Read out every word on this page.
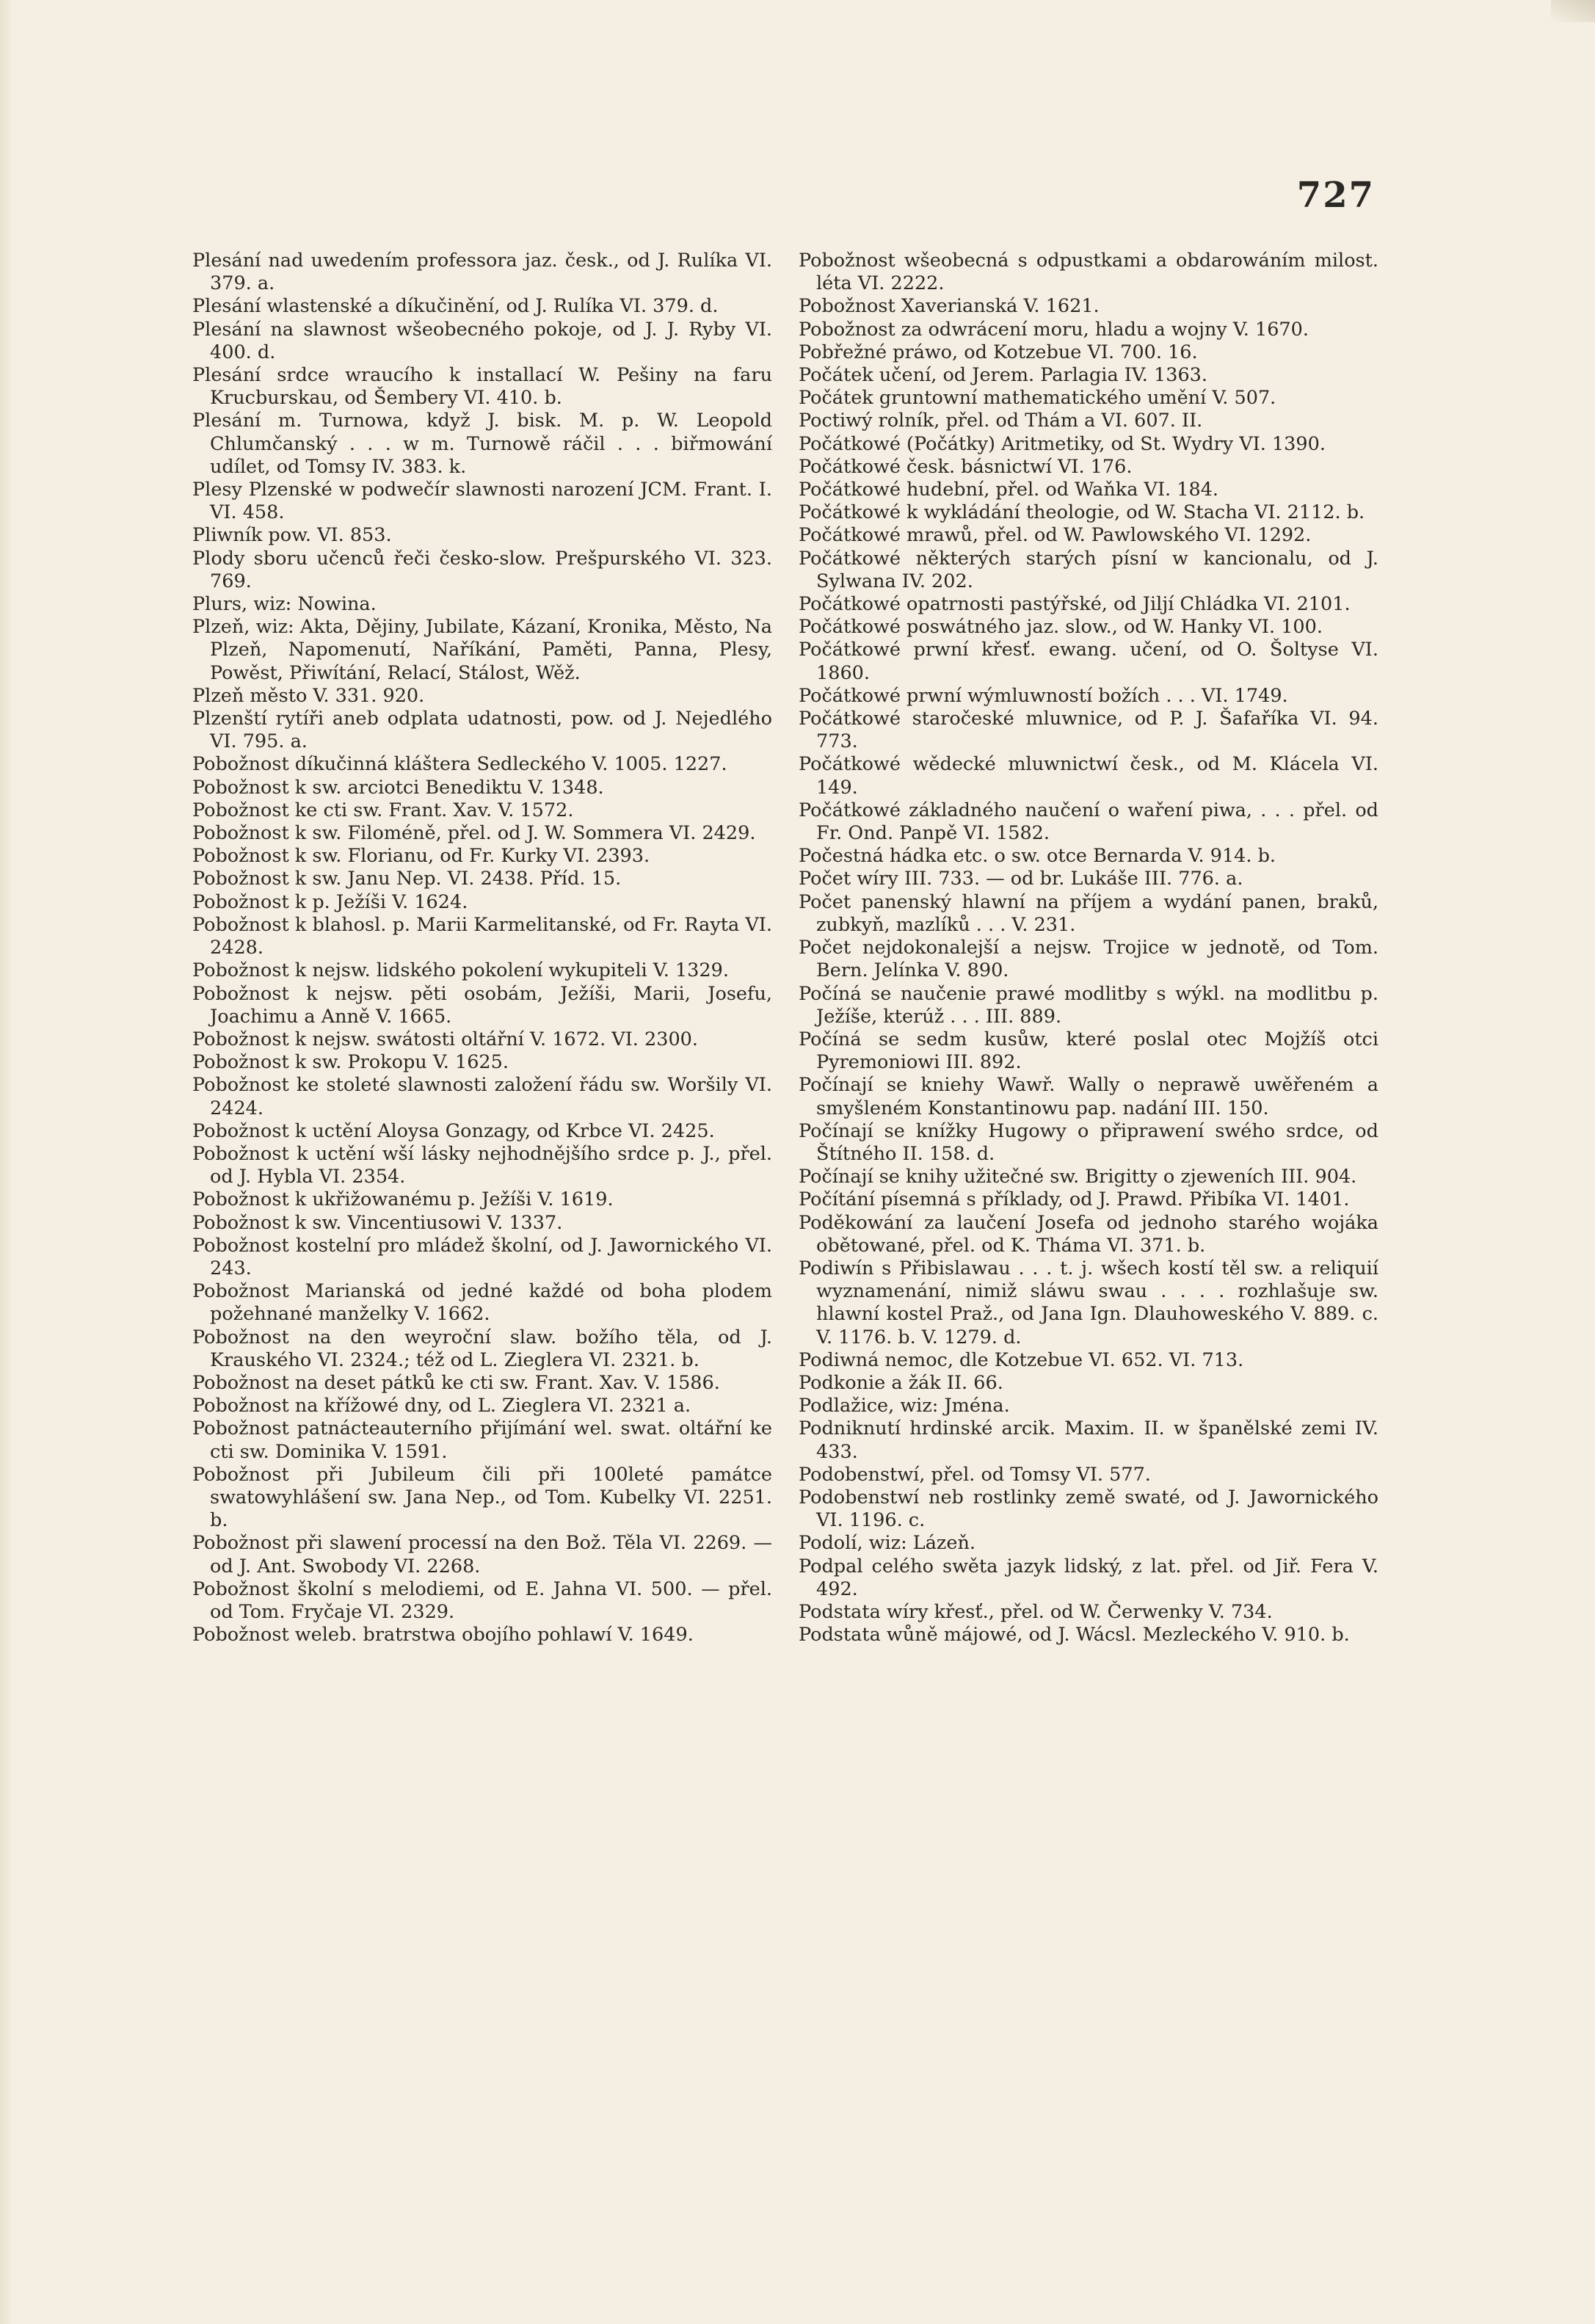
727
Plesání nad uwedením professora jaz. česk., od J. Rulíka VI. 379. a.
Plesání wlastenské a díkučinění, od J. Rulíka VI. 379. d.
Plesání na slawnost wšeobecného pokoje, od J. J. Ryby VI. 400. d.
Plesání srdce wraucího k installací W. Pešiny na faru Krucburskau, od Šembery VI. 410. b.
Plesání m. Turnowa, když J. bisk. M. p. W. Leopold Chlumčanský . . . w m. Turnowě ráčil . . . biřmowání udílet, od Tomsy IV. 383. k.
Plesy Plzenské w podwečír slawnosti narození JCM. Frant. I. VI. 458.
Pliwník pow. VI. 853.
Plody sboru učenců řeči česko-slow. Prešpurského VI. 323. 769.
Plurs, wiz: Nowina.
Plzeň, wiz: Akta, Dějiny, Jubilate, Kázaní, Kronika, Město, Na Plzeň, Napomenutí, Naříkání, Paměti, Panna, Plesy, Powěst, Přiwítání, Relací, Stálost, Wěž.
Plzeň město V. 331. 920.
Plzenští rytíři aneb odplata udatnosti, pow. od J. Nejedlého VI. 795. a.
Pobožnost díkučinná kláštera Sedleckého V. 1005. 1227.
Pobožnost k sw. arciotci Benediktu V. 1348.
Pobožnost ke cti sw. Frant. Xav. V. 1572.
Pobožnost k sw. Filoméně, přel. od J. W. Sommera VI. 2429.
Pobožnost k sw. Florianu, od Fr. Kurky VI. 2393.
Pobožnost k sw. Janu Nep. VI. 2438. Příd. 15.
Pobožnost k p. Ježíši V. 1624.
Pobožnost k blahosl. p. Marii Karmelitanské, od Fr. Rayta VI. 2428.
Pobožnost k nejsw. lidského pokolení wykupiteli V. 1329.
Pobožnost k nejsw. pěti osobám, Ježíši, Marii, Josefu, Joachimu a Anně V. 1665.
Pobožnost k nejsw. swátosti oltářní V. 1672. VI. 2300.
Pobožnost k sw. Prokopu V. 1625.
Pobožnost ke stoleté slawnosti založení řádu sw. Woršily VI. 2424.
Pobožnost k uctění Aloysa Gonzagy, od Krbce VI. 2425.
Pobožnost k uctění wší lásky nejhodnějšího srdce p. J., přel. od J. Hybla VI. 2354.
Pobožnost k ukřižowanému p. Ježíši V. 1619.
Pobožnost k sw. Vincentiusowi V. 1337.
Pobožnost kostelní pro mládež školní, od J. Jawornického VI. 243.
Pobožnost Marianská od jedné každé od boha plodem požehnané manželky V. 1662.
Pobožnost na den weyroční slaw. božího těla, od J. Krauského VI. 2324.; též od L. Zieglera VI. 2321. b.
Pobožnost na deset pátků ke cti sw. Frant. Xav. V. 1586.
Pobožnost na křížowé dny, od L. Zieglera VI. 2321 a.
Pobožnost patnácteauterního přijímání wel. swat. oltářní ke cti sw. Dominika V. 1591.
Pobožnost při Jubileum čili při 100leté památce swatowyhlášení sw. Jana Nep., od Tom. Kubelky VI. 2251. b.
Pobožnost při slawení processí na den Bož. Těla VI. 2269. — od J. Ant. Swobody VI. 2268.
Pobožnost školní s melodiemi, od E. Jahna VI. 500. — přel. od Tom. Fryčaje VI. 2329.
Pobožnost weleb. bratrstwa obojího pohlawí V. 1649.
Pobožnost wšeobecná s odpustkami a obdarowáním milost. léta VI. 2222.
Pobožnost Xaverianská V. 1621.
Pobožnost za odwrácení moru, hladu a wojny V. 1670.
Pobřežné práwo, od Kotzebue VI. 700. 16.
Počátek učení, od Jerem. Parlagia IV. 1363.
Počátek gruntowní mathematického umění V. 507.
Poctiwý rolník, přel. od Thám a VI. 607. II.
Počátkowé (Počátky) Aritmetiky, od St. Wydry VI. 1390.
Počátkowé česk. básnictwí VI. 176.
Počátkowé hudební, přel. od Waňka VI. 184.
Počátkowé k wykládání theologie, od W. Stacha VI. 2112. b.
Počátkowé mrawů, přel. od W. Pawlowského VI. 1292.
Počátkowé některých starých písní w kancionalu, od J. Sylwana IV. 202.
Počátkowé opatrnosti pastýřské, od Jiljí Chládka VI. 2101.
Počátkowé poswátného jaz. slow., od W. Hanky VI. 100.
Počátkowé prwní křesť. ewang. učení, od O. Šoltyse VI. 1860.
Počátkowé prwní wýmluwností božích . . . VI. 1749.
Počátkowé staročeské mluwnice, od P. J. Šafaříka VI. 94. 773.
Počátkowé wědecké mluwnictwí česk., od M. Klácela VI. 149.
Počátkowé základného naučení o waření piwa, . . . přel. od Fr. Ond. Panpě VI. 1582.
Počestná hádka etc. o sw. otce Bernarda V. 914. b.
Počet wíry III. 733. — od br. Lukáše III. 776. a.
Počet panenský hlawní na příjem a wydání panen, braků, zubkyň, mazlíků . . . V. 231.
Počet nejdokonalejší a nejsw. Trojice w jednotě, od Tom. Bern. Jelínka V. 890.
Počíná se naučenie prawé modlitby s wýkl. na modlitbu p. Ježíše, kterúž . . . III. 889.
Počíná se sedm kusůw, které poslal otec Mojžíš otci Pyremoniowi III. 892.
Počínají se kniehy Wawř. Wally o neprawě uwěřeném a smyšleném Konstantinowu pap. nadání III. 150.
Počínají se knížky Hugowy o připrawení swého srdce, od Štítného II. 158. d.
Počínají se knihy užitečné sw. Brigitty o zjeweních III. 904.
Počítání písemná s příklady, od J. Prawd. Přibíka VI. 1401.
Poděkowání za laučení Josefa od jednoho starého wojáka obětowané, přel. od K. Tháma VI. 371. b.
Podiwín s Přibislawau . . . t. j. wšech kostí těl sw. a reliquií wyznamenání, nimiž sláwu swau . . . . rozhlašuje sw. hlawní kostel Praž., od Jana Ign. Dlauhoweského V. 889. c. V. 1176. b. V. 1279. d.
Podiwná nemoc, dle Kotzebue VI. 652. VI. 713.
Podkonie a žák II. 66.
Podlažice, wiz: Jména.
Podniknutí hrdinské arcik. Maxim. II. w španělské zemi IV. 433.
Podobenstwí, přel. od Tomsy VI. 577.
Podobenstwí neb rostlinky země swaté, od J. Jawornického VI. 1196. c.
Podolí, wiz: Lázeň.
Podpal celého swěta jazyk lidský, z lat. přel. od Jiř. Fera V. 492.
Podstata wíry křesť., přel. od W. Čerwenky V. 734.
Podstata wůně májowé, od J. Wácsl. Mezleckého V. 910. b.
